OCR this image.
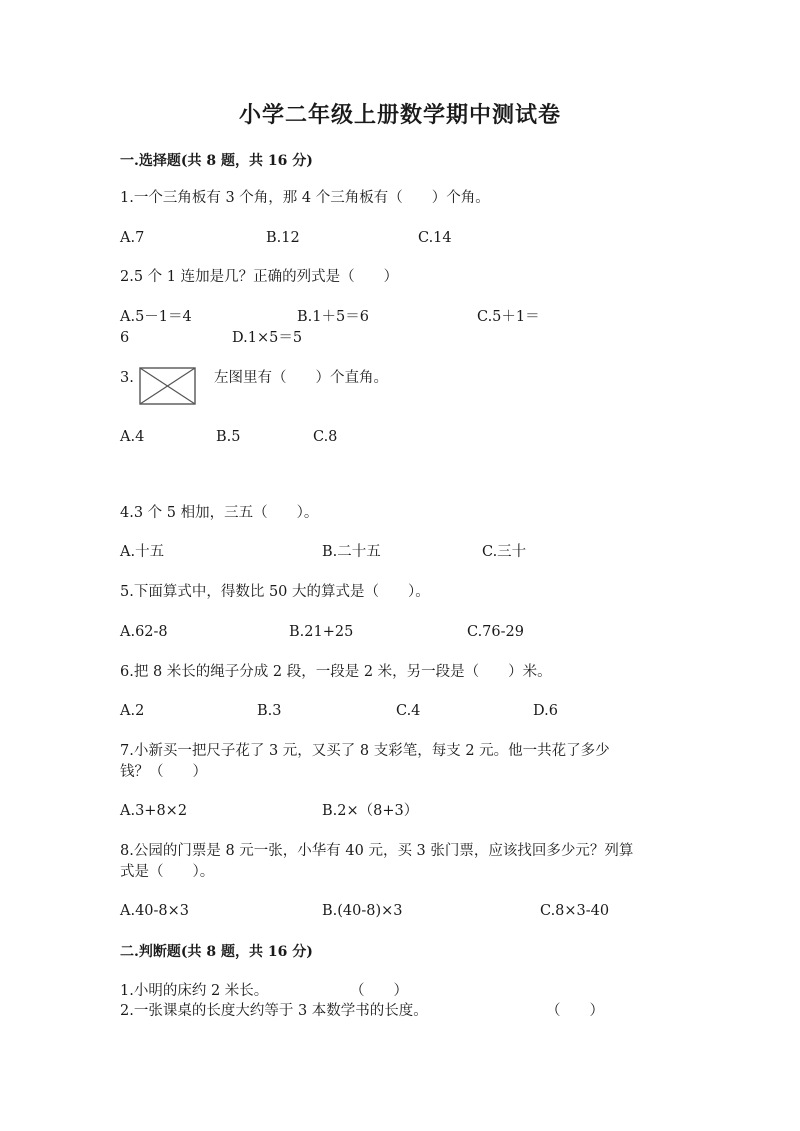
小学二年级上册数学期中测试卷
一.选择题(共 8 题，共 16 分)
1.一个三角板有 3 个角，那 4 个三角板有（　　）个角。
A.7	B.12	C.14
2.5 个 1 连加是几？正确的列式是（　　）
A.5－1＝4	B.1＋5＝6	C.5＋1＝
6	D.1×5＝5
3.	左图里有（　　）个直角。
A.4	B.5	C.8
4.3 个 5 相加，三五（　　）。
A.十五	B.二十五	C.三十
5.下面算式中，得数比 50 大的算式是（　　）。
A.62-8	B.21+25	C.76-29
6.把 8 米长的绳子分成 2 段，一段是 2 米，另一段是（　　）米。
A.2	B.3	C.4	D.6
7.小新买一把尺子花了 3 元，又买了 8 支彩笔，每支 2 元。他一共花了多少
钱？（　　）
A.3+8×2	B.2×（8+3）
8.公园的门票是 8 元一张，小华有 40 元，买 3 张门票，应该找回多少元？列算
式是（　　）。
A.40-8×3	B.(40-8)×3	C.8×3-40
二.判断题(共 8 题，共 16 分)
1.小明的床约 2 米长。	（　　）
2.一张课桌的长度大约等于 3 本数学书的长度。	（　　）
